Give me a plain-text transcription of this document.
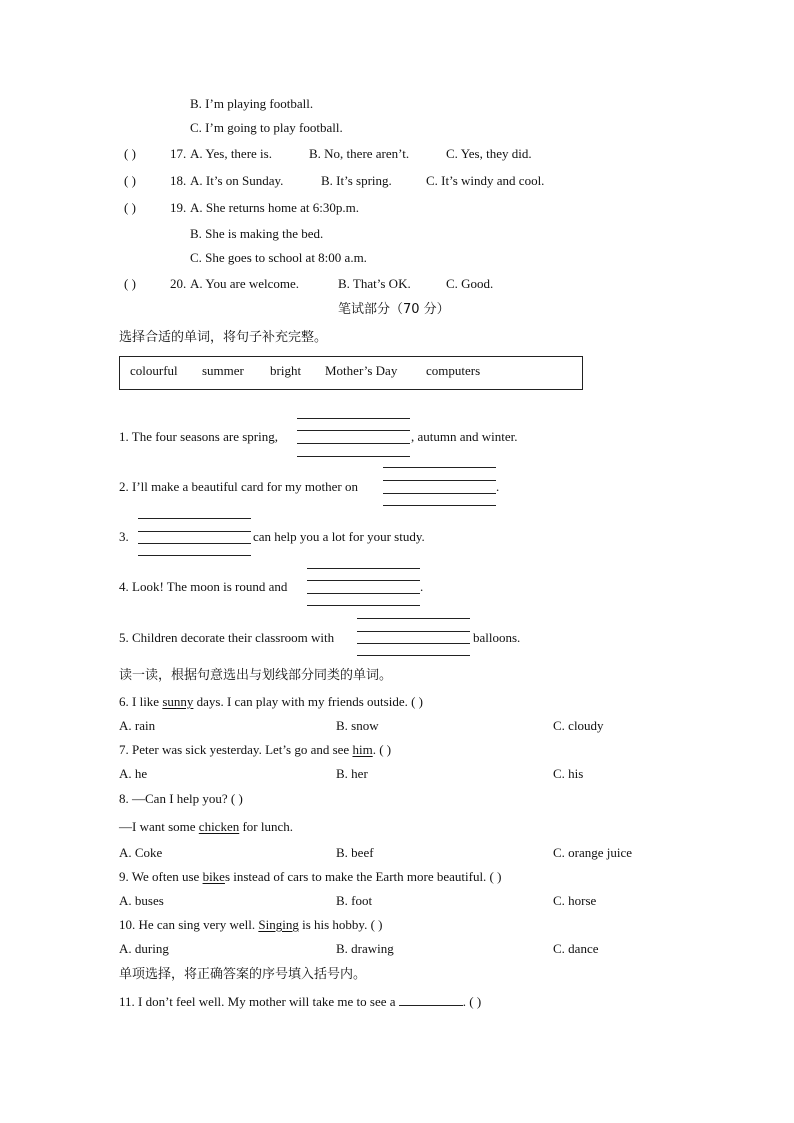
B. I’m playing football.
C. I’m going to play football.
( )	17. A. Yes, there is.	B. No, there aren’t.	C. Yes, they did.
( )	18. A. It’s on Sunday.	B. It’s spring.	C. It’s windy and cool.
( )	19. A. She returns home at 6:30p.m.
B. She is making the bed.
C. She goes to school at 8:00 a.m.
( )	20. A. You are welcome.	B. That’s OK.	C. Good.
笔试部分（70 分）
选择合适的单词，将句子补充完整。
colourful summer bright Mother’s Day computers
1. The four seasons are spring,	, autumn and winter.
2. I’ll make a beautiful card for my mother on	.
3.	can help you a lot for your study.
4. Look! The moon is round and	.
5. Children decorate their classroom with	balloons.
读一读，根据句意选出与划线部分同类的单词。
6. I like sunny days. I can play with my friends outside. ( )
A. rain	B. snow	C. cloudy
7. Peter was sick yesterday. Let’s go and see him. ( )
A. he	B. her	C. his
8. —Can I help you? ( )
—I want some chicken for lunch.
A. Coke	B. beef	C. orange juice
9. We often use bikes instead of cars to make the Earth more beautiful. ( )
A. buses	B. foot	C. horse
10. He can sing very well. Singing is his hobby. ( )
A. during	B. drawing	C. dance
单项选择，将正确答案的序号填入括号内。
11. I don’t feel well. My mother will take me to see a	. ( )
